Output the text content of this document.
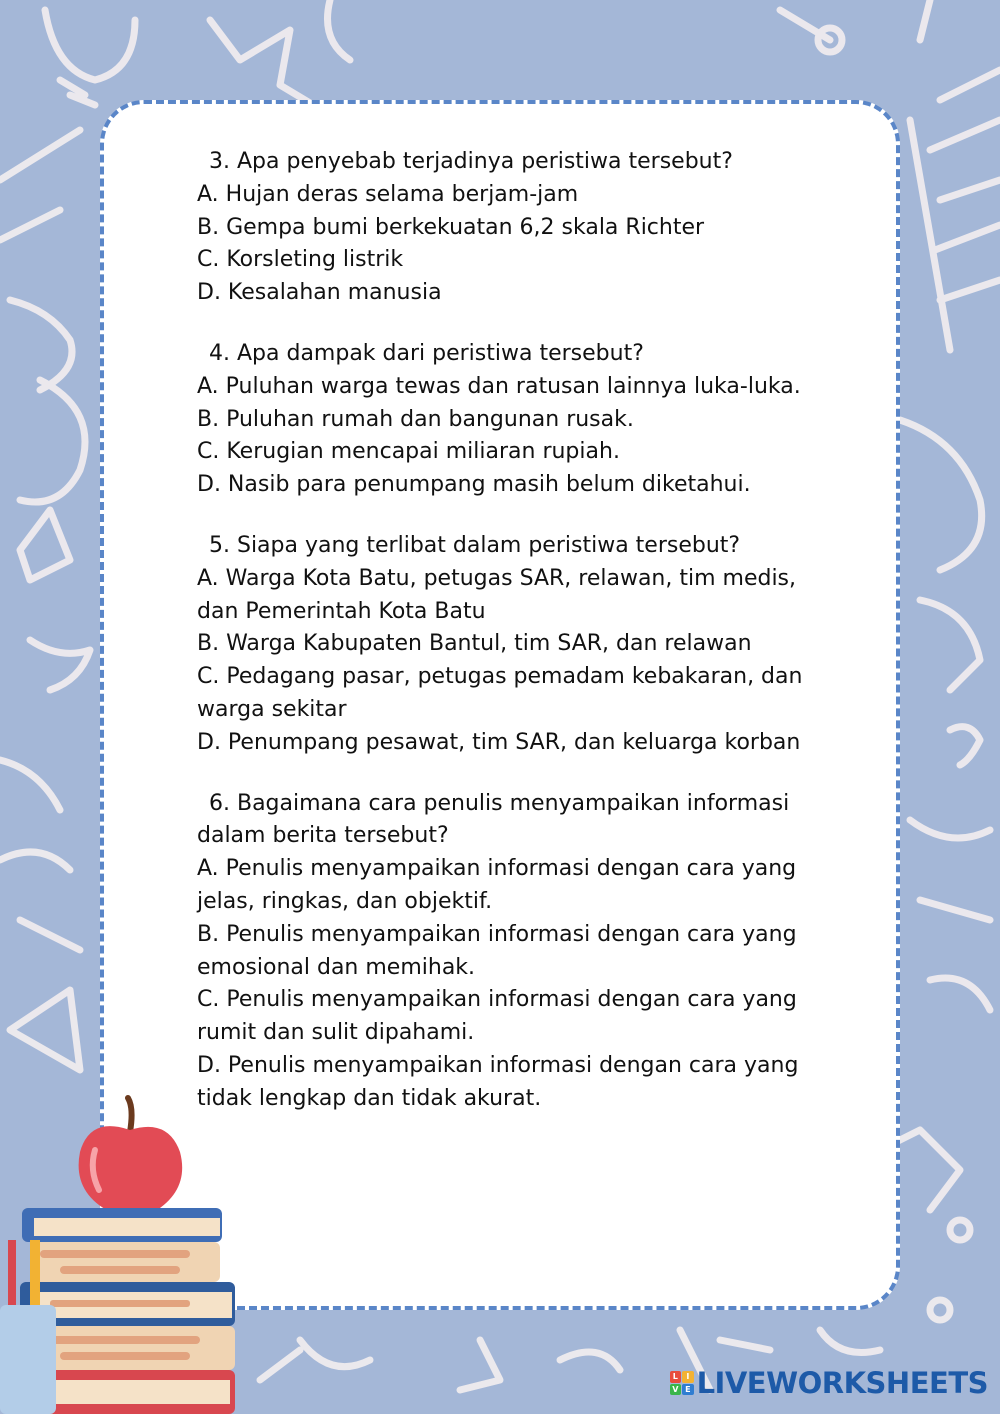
3. Apa penyebab terjadinya peristiwa tersebut?
A. Hujan deras selama berjam-jam
B. Gempa bumi berkekuatan 6,2 skala Richter
C. Korsleting listrik
D. Kesalahan manusia
4. Apa dampak dari peristiwa tersebut?
A. Puluhan warga tewas dan ratusan lainnya luka-luka.
B. Puluhan rumah dan bangunan rusak.
C. Kerugian mencapai miliaran rupiah.
D. Nasib para penumpang masih belum diketahui.
5. Siapa yang terlibat dalam peristiwa tersebut?
A. Warga Kota Batu, petugas SAR, relawan, tim medis, dan Pemerintah Kota Batu
B. Warga Kabupaten Bantul, tim SAR, dan relawan
C. Pedagang pasar, petugas pemadam kebakaran, dan warga sekitar
D. Penumpang pesawat, tim SAR, dan keluarga korban
6. Bagaimana cara penulis menyampaikan informasi dalam berita tersebut?
A. Penulis menyampaikan informasi dengan cara yang jelas, ringkas, dan objektif.
B. Penulis menyampaikan informasi dengan cara yang emosional dan memihak.
C. Penulis menyampaikan informasi dengan cara yang rumit dan sulit dipahami.
D. Penulis menyampaikan informasi dengan cara yang tidak lengkap dan tidak akurat.
L	I
V E LIVEWORKSHEETS
